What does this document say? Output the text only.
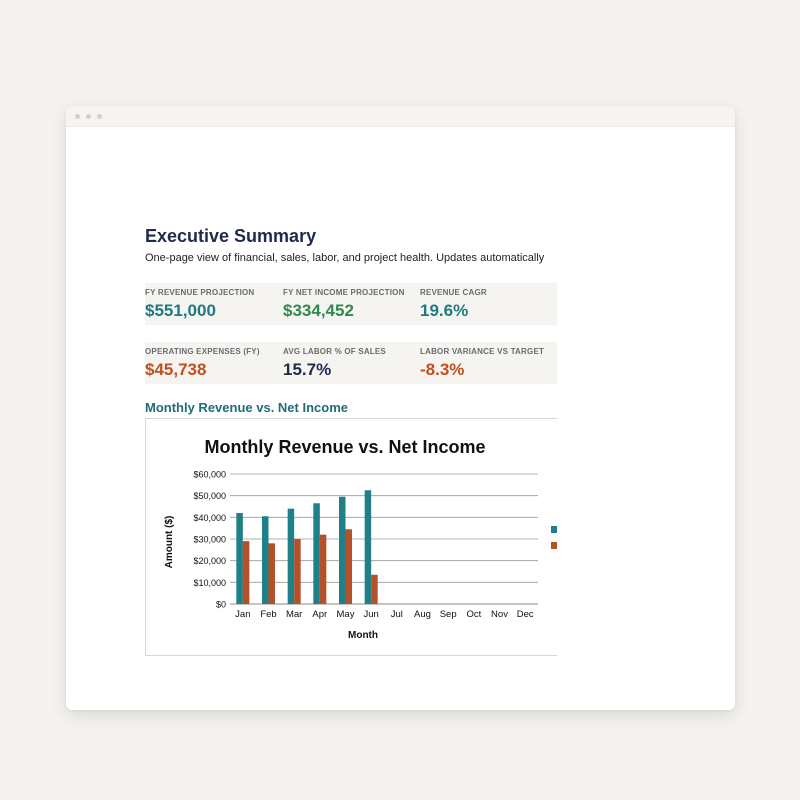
Executive Summary
One-page view of financial, sales, labor, and project health. Updates automatically
FY REVENUE PROJECTION
$551,000
FY NET INCOME PROJECTION
$334,452
REVENUE CAGR
19.6%
OPERATING EXPENSES (FY)
$45,738
AVG LABOR % OF SALES
15.7%
LABOR VARIANCE VS TARGET
-8.3%
Monthly Revenue vs. Net Income
Monthly Revenue vs. Net Income
$0
$10,000
$20,000
$30,000
$40,000
$50,000
$60,000
Jan Feb Mar Apr May Jun Jul Aug Sep Oct Nov Dec
Month
Amount ($)
